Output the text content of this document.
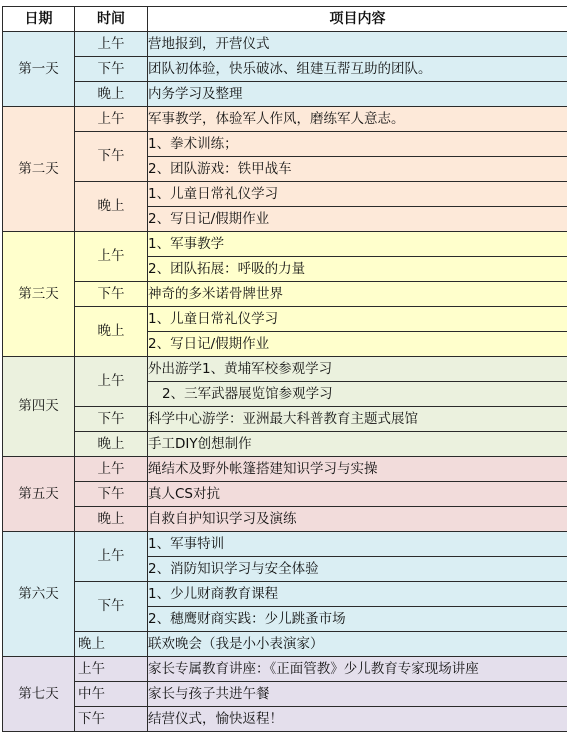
日期	时间	项目内容
第一天	上午	营地报到，开营仪式
	下午	团队初体验，快乐破冰、组建互帮互助的团队。
	晚上	内务学习及整理
第二天	上午	军事教学，体验军人作风，磨练军人意志。
	下午	1、拳术训练；
		2、团队游戏：铁甲战车
	晚上	1、儿童日常礼仪学习
		2、写日记/假期作业
第三天	上午	1、军事教学
		2、团队拓展：呼吸的力量
	下午	神奇的多米诺骨牌世界
	晚上	1、儿童日常礼仪学习
		2、写日记/假期作业
第四天	上午	外出游学1、黄埔军校参观学习
		2、三军武器展览馆参观学习
	下午	科学中心游学：亚洲最大科普教育主题式展馆
	晚上	手工DIY创想制作
第五天	上午	绳结术及野外帐篷搭建知识学习与实操
	下午	真人CS对抗
	晚上	自救自护知识学习及演练
第六天	上午	1、军事特训
		2、消防知识学习与安全体验
	下午	1、少儿财商教育课程
		2、穗鹰财商实践：少儿跳蚤市场
	晚上	联欢晚会（我是小小表演家）
第七天	上午	家长专属教育讲座：《正面管教》少儿教育专家现场讲座
	中午	家长与孩子共进午餐
	下午	结营仪式，愉快返程！
